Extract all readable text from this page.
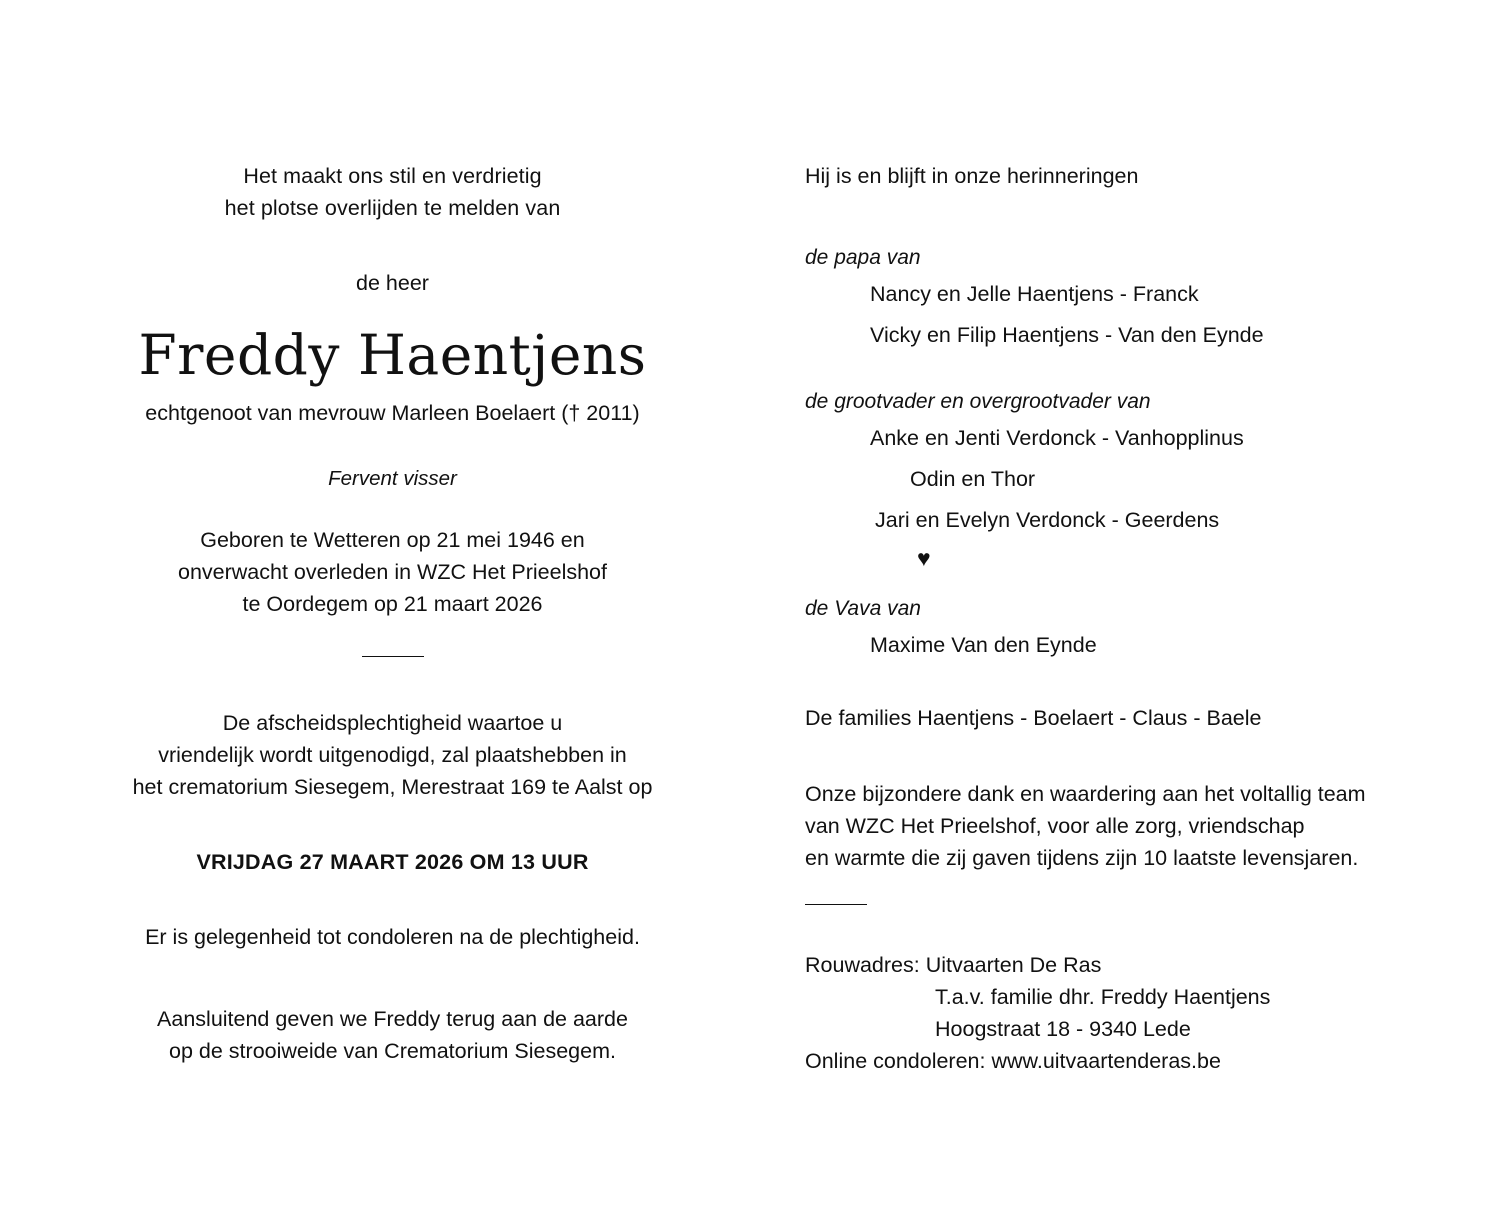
Het maakt ons stil en verdrietig
het plotse overlijden te melden van
de heer
Freddy Haentjens
echtgenoot van mevrouw Marleen Boelaert († 2011)
Fervent visser
Geboren te Wetteren op 21 mei 1946 en
onverwacht overleden in WZC Het Prieelshof
te Oordegem op 21 maart 2026
De afscheidsplechtigheid waartoe u
vriendelijk wordt uitgenodigd, zal plaatshebben in
het crematorium Siesegem, Merestraat 169 te Aalst op
VRIJDAG 27 MAART 2026 OM 13 UUR
Er is gelegenheid tot condoleren na de plechtigheid.
Aansluitend geven we Freddy terug aan de aarde
op de strooiweide van Crematorium Siesegem.
Hij is en blijft in onze herinneringen
de papa van
Nancy en Jelle Haentjens - Franck
Vicky en Filip Haentjens - Van den Eynde
de grootvader en overgrootvader van
Anke en Jenti Verdonck - Vanhopplinus
Odin en Thor
Jari en Evelyn Verdonck - Geerdens
♥
de Vava van
Maxime Van den Eynde
De families Haentjens - Boelaert - Claus - Baele
Onze bijzondere dank en waardering aan het voltallig team
van WZC Het Prieelshof, voor alle zorg, vriendschap
en warmte die zij gaven tijdens zijn 10 laatste levensjaren.
Rouwadres: Uitvaarten De Ras
T.a.v. familie dhr. Freddy Haentjens
Hoogstraat 18 - 9340 Lede
Online condoleren: www.uitvaartenderas.be
